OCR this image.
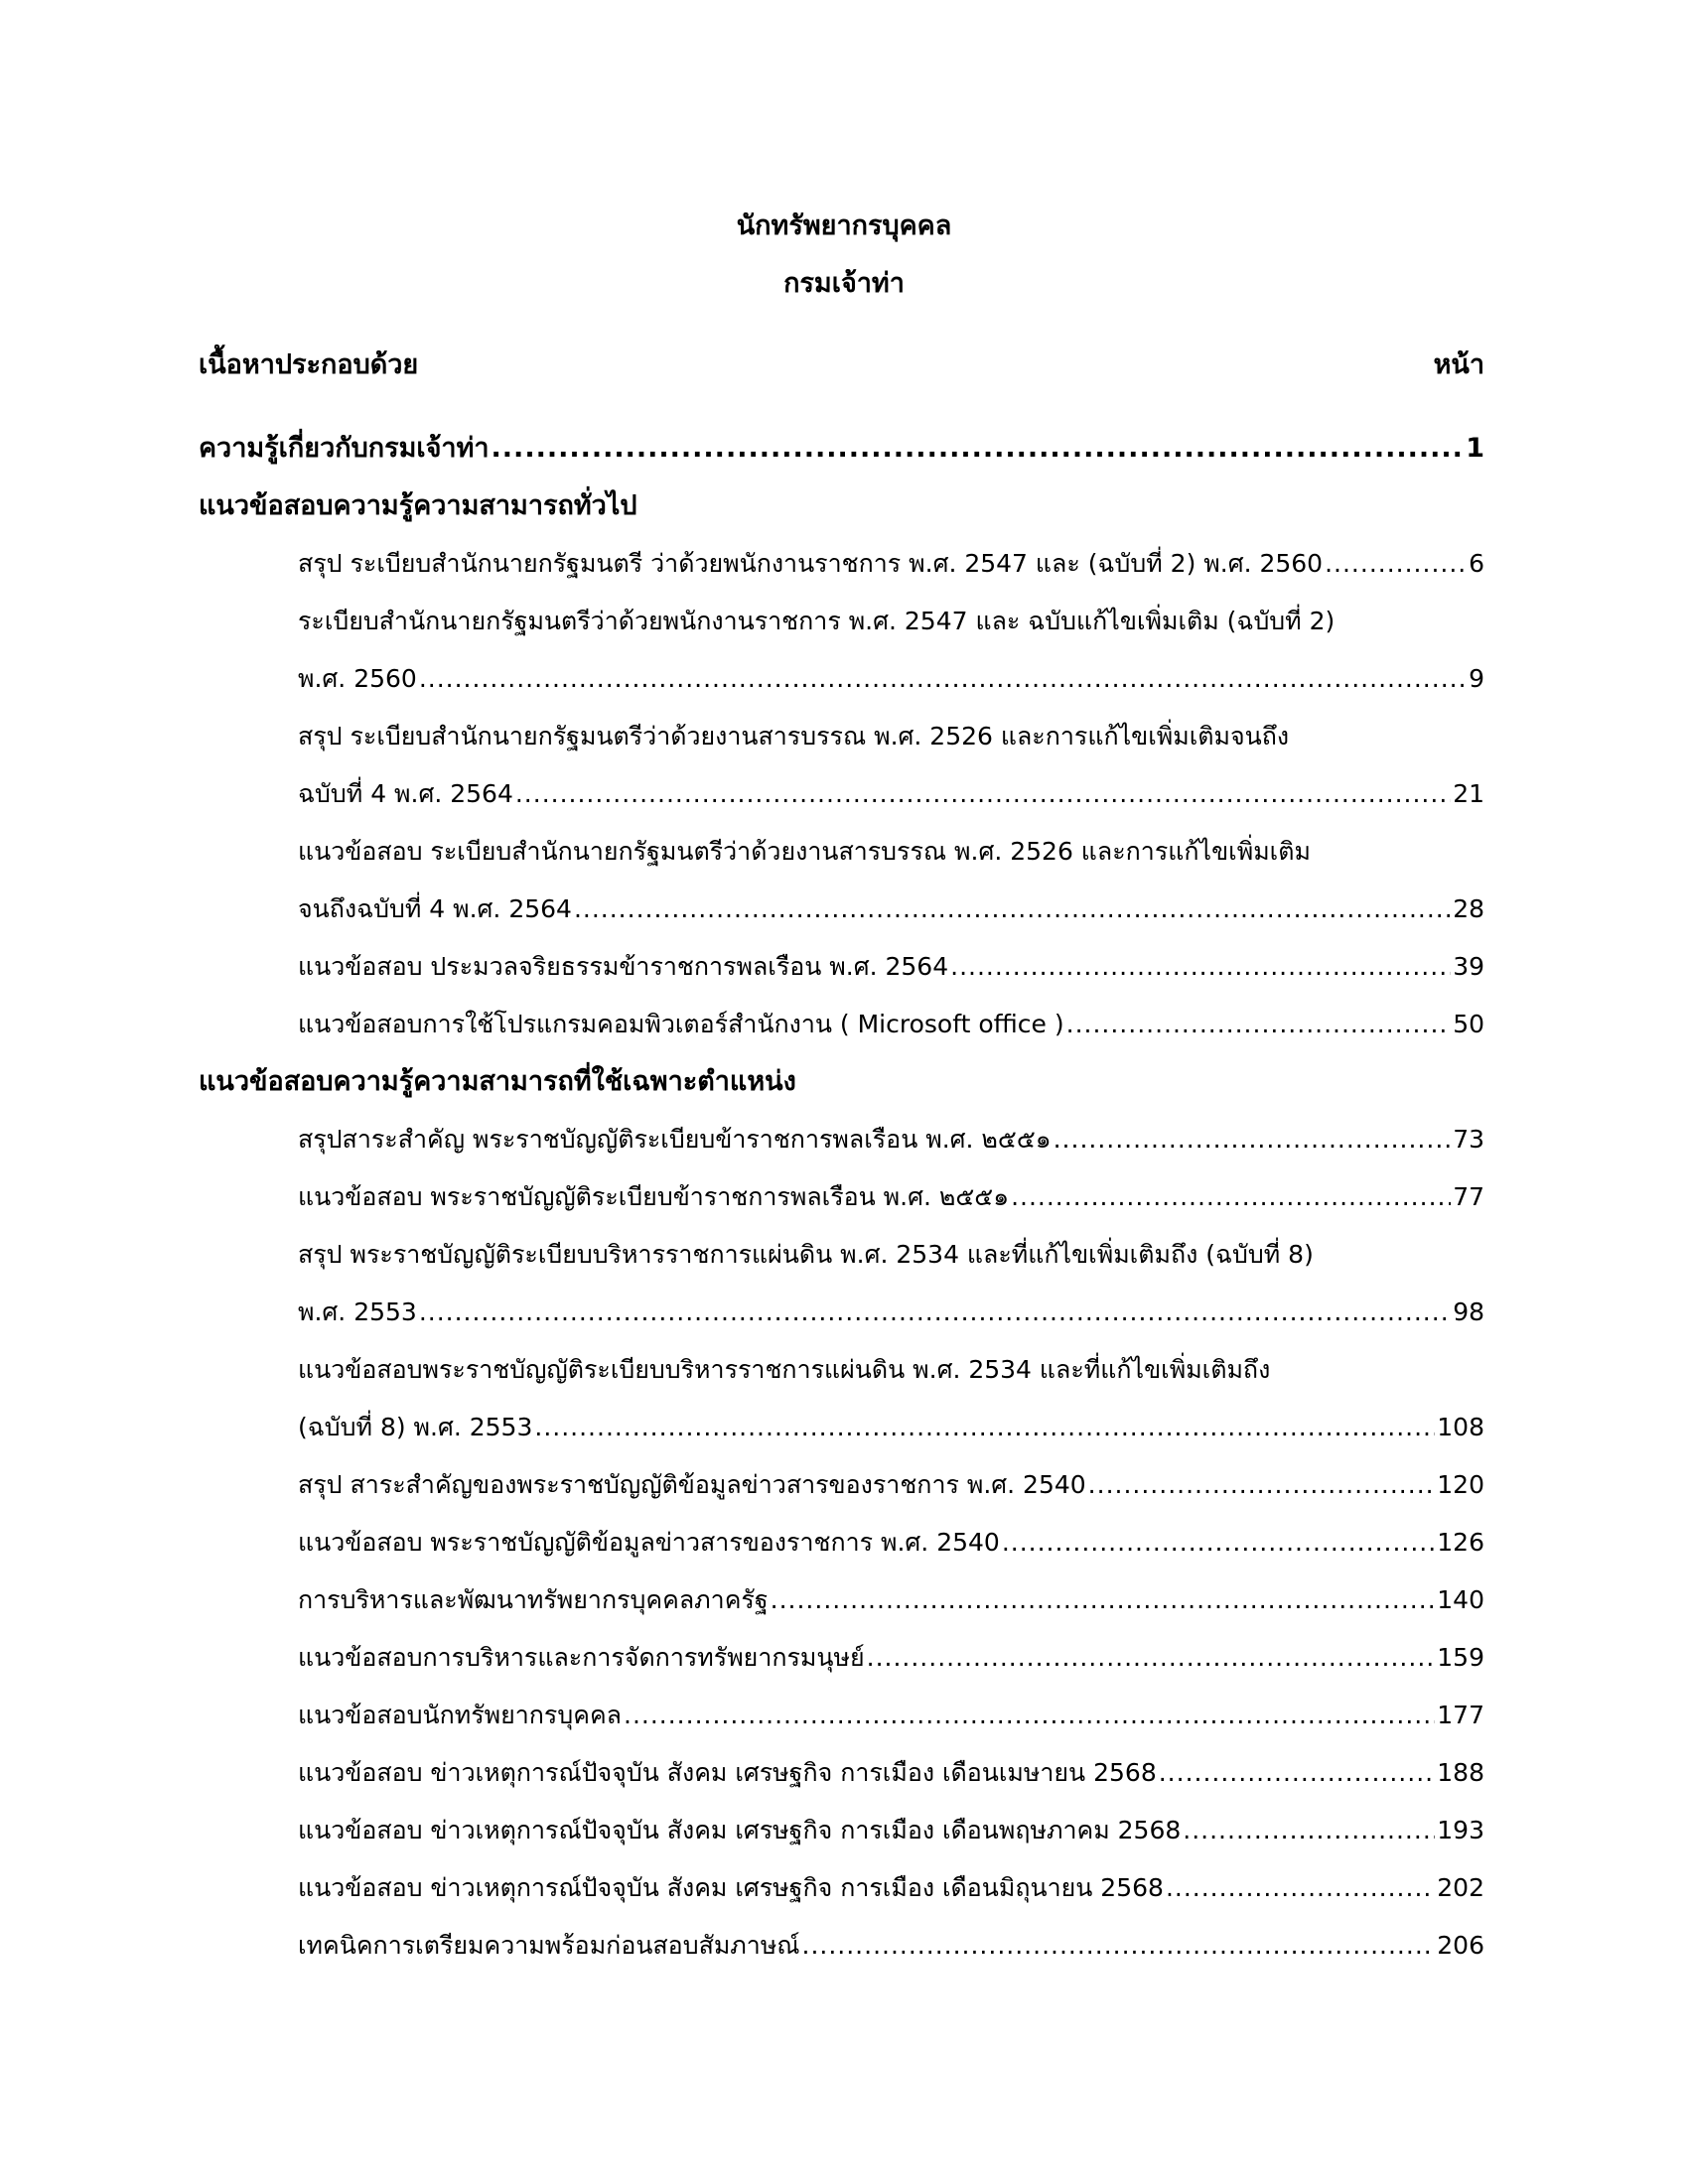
นักทรัพยากรบุคคล
กรมเจ้าท่า
เนื้อหาประกอบด้วย	หน้า
ความรู้เกี่ยวกับกรมเจ้าท่า .....	1
แนวข้อสอบความรู้ความสามารถทั่วไป
สรุป ระเบียบสำนักนายกรัฐมนตรี ว่าด้วยพนักงานราชการ พ.ศ. 2547 และ (ฉบับที่ 2) พ.ศ. 2560 .....	6
ระเบียบสำนักนายกรัฐมนตรีว่าด้วยพนักงานราชการ พ.ศ. 2547 และ ฉบับแก้ไขเพิ่มเติม (ฉบับที่ 2)
พ.ศ. 2560 .....	9
สรุป ระเบียบสำนักนายกรัฐมนตรีว่าด้วยงานสารบรรณ พ.ศ. 2526 และการแก้ไขเพิ่มเติมจนถึง
ฉบับที่ 4 พ.ศ. 2564 .....	21
แนวข้อสอบ ระเบียบสำนักนายกรัฐมนตรีว่าด้วยงานสารบรรณ พ.ศ. 2526 และการแก้ไขเพิ่มเติม
จนถึงฉบับที่ 4 พ.ศ. 2564 .....	28
แนวข้อสอบ ประมวลจริยธรรมข้าราชการพลเรือน พ.ศ. 2564 .....	39
แนวข้อสอบการใช้โปรแกรมคอมพิวเตอร์สำนักงาน ( Microsoft office ) .....	50
แนวข้อสอบความรู้ความสามารถที่ใช้เฉพาะตำแหน่ง
สรุปสาระสำคัญ พระราชบัญญัติระเบียบข้าราชการพลเรือน พ.ศ. ๒๕๕๑ .....	73
แนวข้อสอบ พระราชบัญญัติระเบียบข้าราชการพลเรือน พ.ศ. ๒๕๕๑ .....	77
สรุป พระราชบัญญัติระเบียบบริหารราชการแผ่นดิน พ.ศ. 2534 และที่แก้ไขเพิ่มเติมถึง (ฉบับที่ 8)
พ.ศ. 2553 .....	98
แนวข้อสอบพระราชบัญญัติระเบียบบริหารราชการแผ่นดิน พ.ศ. 2534 และที่แก้ไขเพิ่มเติมถึง
(ฉบับที่ 8) พ.ศ. 2553 .....	108
สรุป สาระสำคัญของพระราชบัญญัติข้อมูลข่าวสารของราชการ พ.ศ. 2540 .....	120
แนวข้อสอบ พระราชบัญญัติข้อมูลข่าวสารของราชการ พ.ศ. 2540 .....	126
การบริหารและพัฒนาทรัพยากรบุคคลภาครัฐ .....	140
แนวข้อสอบการบริหารและการจัดการทรัพยากรมนุษย์ .....	159
แนวข้อสอบนักทรัพยากรบุคคล .....	177
แนวข้อสอบ ข่าวเหตุการณ์ปัจจุบัน สังคม เศรษฐกิจ การเมือง เดือนเมษายน 2568 .....	188
แนวข้อสอบ ข่าวเหตุการณ์ปัจจุบัน สังคม เศรษฐกิจ การเมือง เดือนพฤษภาคม 2568 .....	193
แนวข้อสอบ ข่าวเหตุการณ์ปัจจุบัน สังคม เศรษฐกิจ การเมือง เดือนมิถุนายน 2568 .....	202
เทคนิคการเตรียมความพร้อมก่อนสอบสัมภาษณ์ .....	206
